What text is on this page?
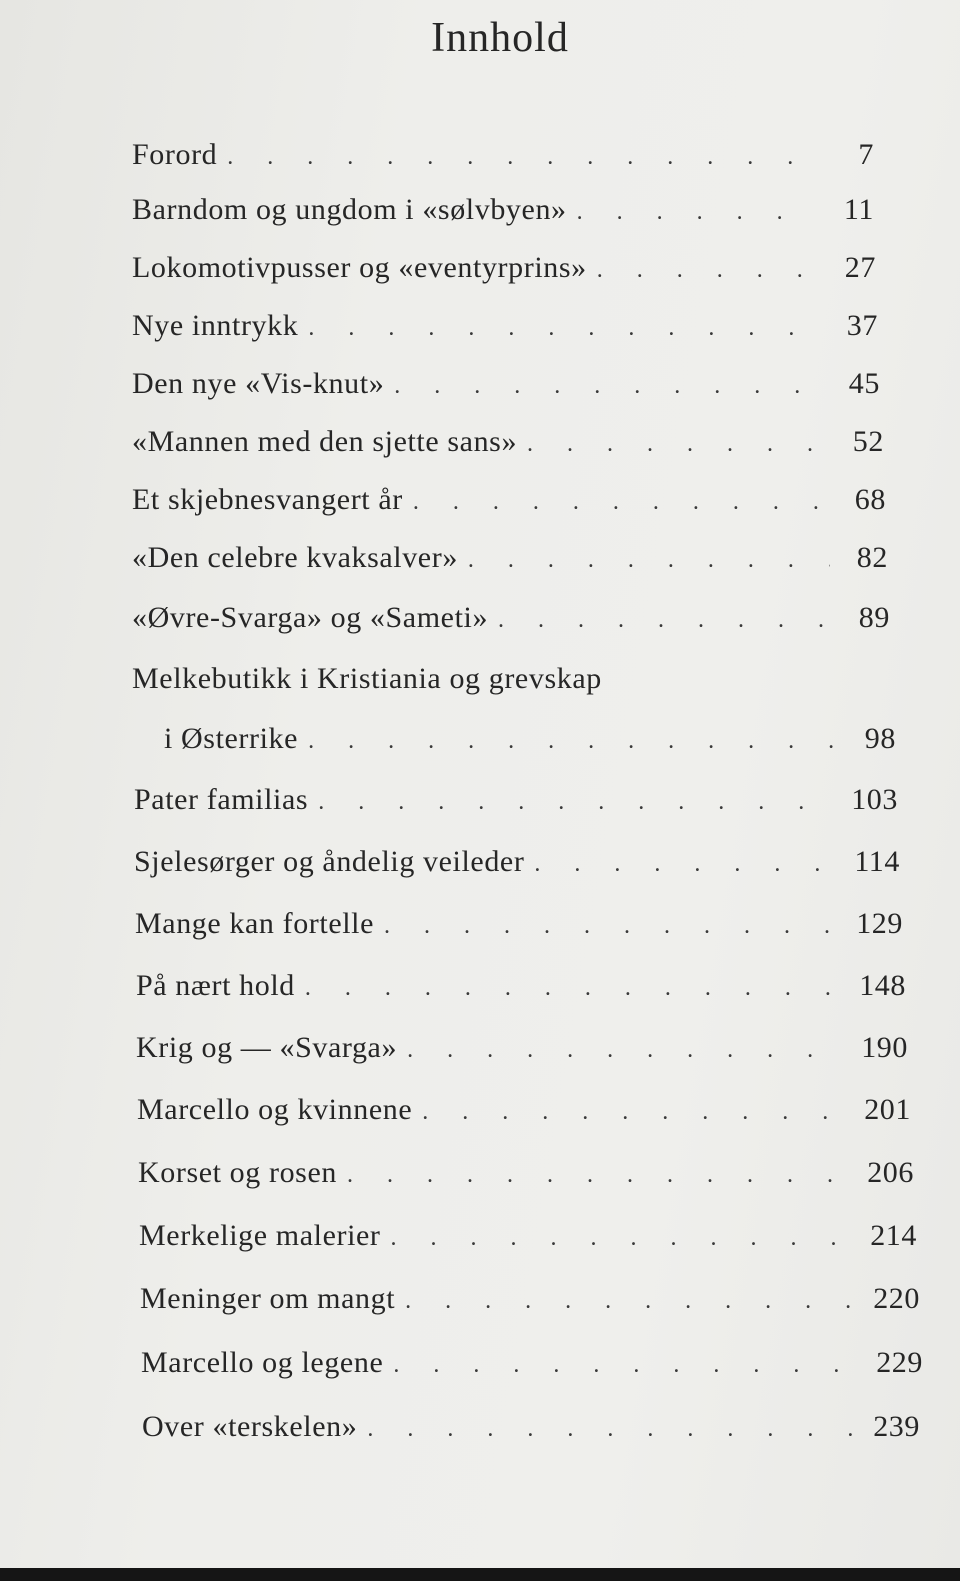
Innhold
Forord . . .	7
Barndom og ungdom i «sølvbyen» . . .	11
Lokomotivpusser og «eventyrprins» . . .	27
Nye inntrykk . . .	37
Den nye «Vis-knut» . . .	45
«Mannen med den sjette sans» . . .	52
Et skjebnesvangert år . . .	68
«Den celebre kvaksalver» . . .	82
«Øvre-Svarga» og «Sameti» . . .	89
Melkebutikk i Kristiania og grevskap
i Østerrike . . .	98
Pater familias . . .	103
Sjelesørger og åndelig veileder . . .	114
Mange kan fortelle . . .	129
På nært hold . . .	148
Krig og — «Svarga» . . .	190
Marcello og kvinnene . . .	201
Korset og rosen . . .	206
Merkelige malerier . . .	214
Meninger om mangt . . .	220
Marcello og legene . . .	229
Over «terskelen» . . .	239
